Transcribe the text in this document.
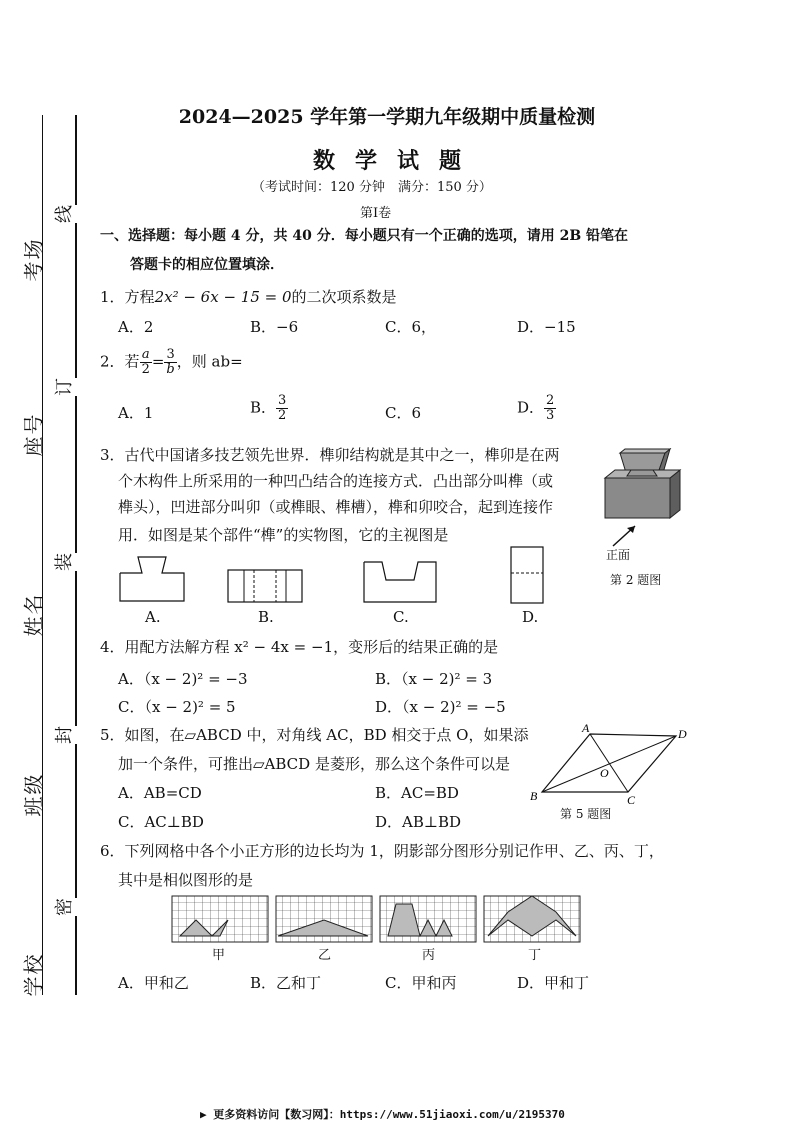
考场
座号
姓名
班级
学校
线
订
装
封
密
2024—2025 学年第一学期九年级期中质量检测
数学试题
（考试时间：120 分钟　满分：150 分）
第Ⅰ卷
一、选择题：每小题 4 分，共 40 分．每小题只有一个正确的选项，请用 2B 铅笔在
答题卡的相应位置填涂．
1．方程2x² − 6x − 15 = 0的二次项系数是
A．2	B．−6	C．6，	D．−15
2．若 $\frac{a}{2} = \frac{3}{b}$ ，则 ab=
A．1	B． $\frac{3}{2}$	C．6	D． $\frac{2}{3}$
3．古代中国诸多技艺领先世界．榫卯结构就是其中之一，榫卯是在两
个木构件上所采用的一种凹凸结合的连接方式．凸出部分叫榫（或
榫头），凹进部分叫卯（或榫眼、榫槽），榫和卯咬合，起到连接作
用．如图是某个部件“榫”的实物图，它的主视图是
正面
第 2 题图
A.	B.	C.	D.
4．用配方法解方程 x² − 4x = −1，变形后的结果正确的是
A．（x − 2)² = −3	B．（x − 2)² = 3
C．（x − 2)² = 5	D．（x − 2)² = −5
5．如图，在▱ABCD 中，对角线 AC，BD 相交于点 O，如果添
加一个条件，可推出▱ABCD 是菱形，那么这个条件可以是
A．AB=CD	B．AC=BD
C．AC⊥BD	D．AB⊥BD
A
B	C
D
O
第 5 题图
6．下列网格中各个小正方形的边长均为 1，阴影部分图形分别记作甲、乙、丙、丁，
其中是相似图形的是
甲	乙	丙	丁
A．甲和乙	B．乙和丁	C．甲和丙	D．甲和丁
▶ 更多资料访问【数习网】：https://www.51jiaoxi.com/u/2195370
